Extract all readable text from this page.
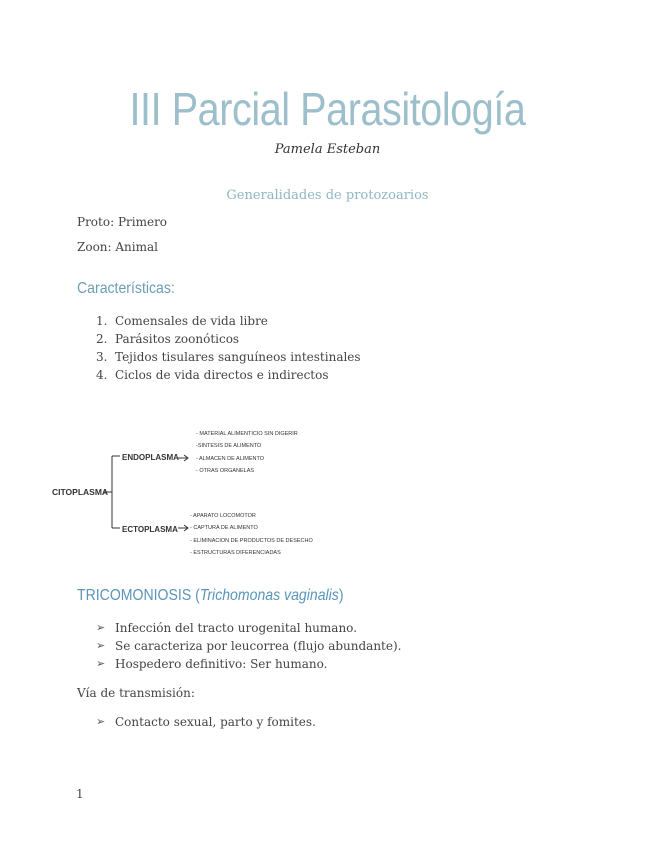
III Parcial Parasitología
Pamela Esteban
Generalidades de protozoarios
Proto: Primero
Zoon: Animal
Características:
1. Comensales de vida libre
2. Parásitos zoonóticos
3. Tejidos tisulares sanguíneos intestinales
4. Ciclos de vida directos e indirectos
CITOPLASMA
ENDOPLASMA
ECTOPLASMA
- MATERIAL ALIMENTICIO SIN DIGERIR
-SINTESIS DE ALIMENTO
- ALMACEN DE ALIMENTO
- OTRAS ORGANELAS
- APARATO LOCOMOTOR
- CAPTURA DE ALIMENTO
- ELIMINACION DE PRODUCTOS DE DESECHO
- ESTRUCTURAS DIFERENCIADAS
TRICOMONIOSIS (Trichomonas vaginalis)
➢ Infección del tracto urogenital humano.
➢ Se caracteriza por leucorrea (flujo abundante).
➢ Hospedero definitivo: Ser humano.
Vía de transmisión:
➢ Contacto sexual, parto y fomites.
1
